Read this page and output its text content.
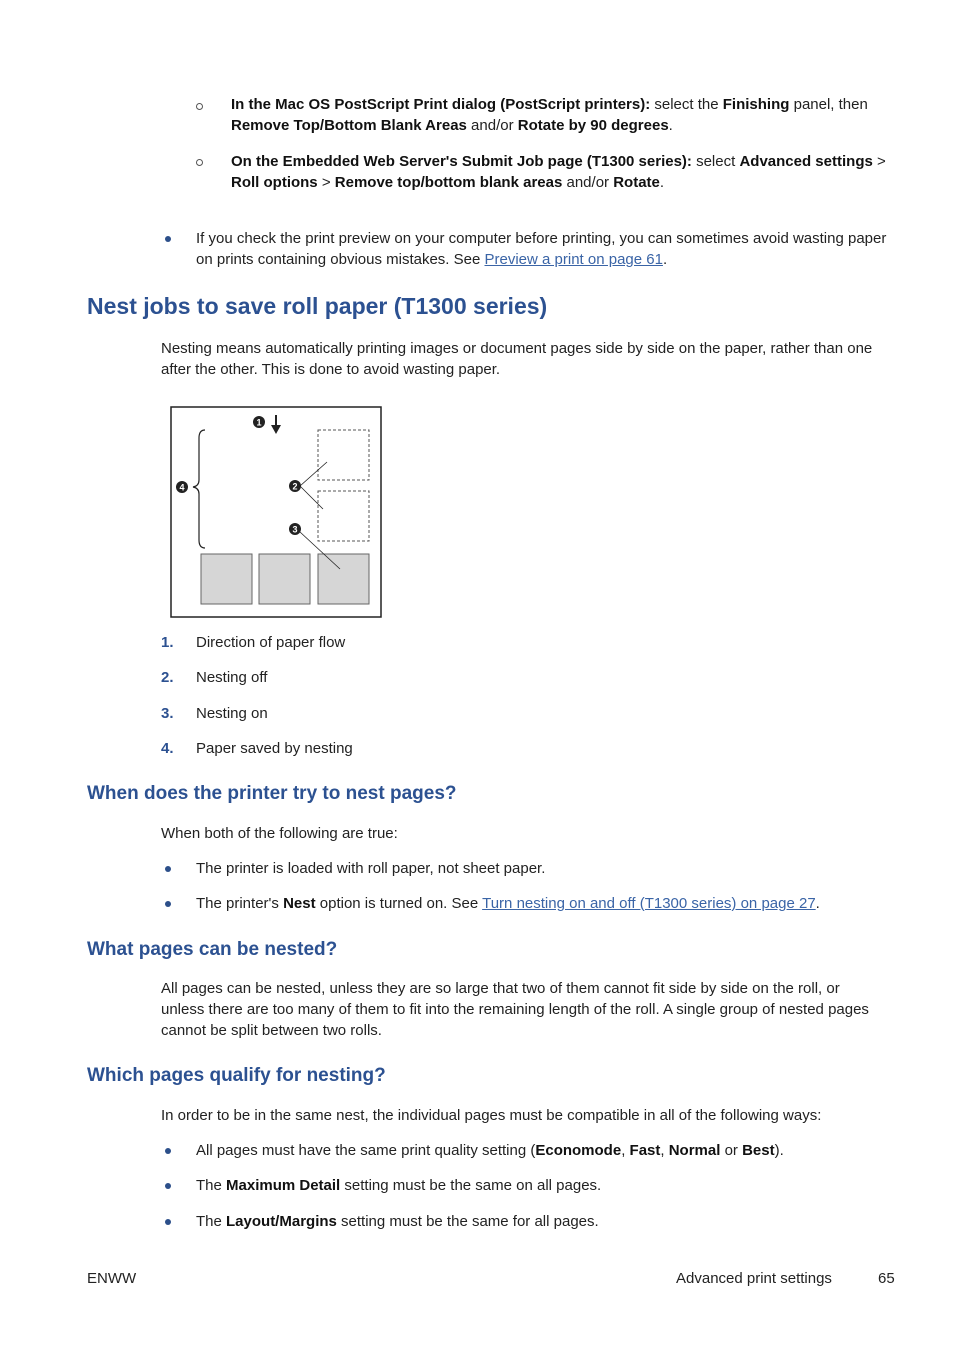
In the Mac OS PostScript Print dialog (PostScript printers): select the Finishing panel, then Remove Top/Bottom Blank Areas and/or Rotate by 90 degrees.
On the Embedded Web Server's Submit Job page (T1300 series): select Advanced settings > Roll options > Remove top/bottom blank areas and/or Rotate.
If you check the print preview on your computer before printing, you can sometimes avoid wasting paper on prints containing obvious mistakes. See Preview a print on page 61.
Nest jobs to save roll paper (T1300 series)
Nesting means automatically printing images or document pages side by side on the paper, rather than one after the other. This is done to avoid wasting paper.
1
2
3
4
1. Direction of paper flow
2. Nesting off
3. Nesting on
4. Paper saved by nesting
When does the printer try to nest pages?
When both of the following are true:
The printer is loaded with roll paper, not sheet paper.
The printer's Nest option is turned on. See Turn nesting on and off (T1300 series) on page 27.
What pages can be nested?
All pages can be nested, unless they are so large that two of them cannot fit side by side on the roll, or unless there are too many of them to fit into the remaining length of the roll. A single group of nested pages cannot be split between two rolls.
Which pages qualify for nesting?
In order to be in the same nest, the individual pages must be compatible in all of the following ways:
All pages must have the same print quality setting (Economode, Fast, Normal or Best).
The Maximum Detail setting must be the same on all pages.
The Layout/Margins setting must be the same for all pages.
ENWW	Advanced print settings	65
